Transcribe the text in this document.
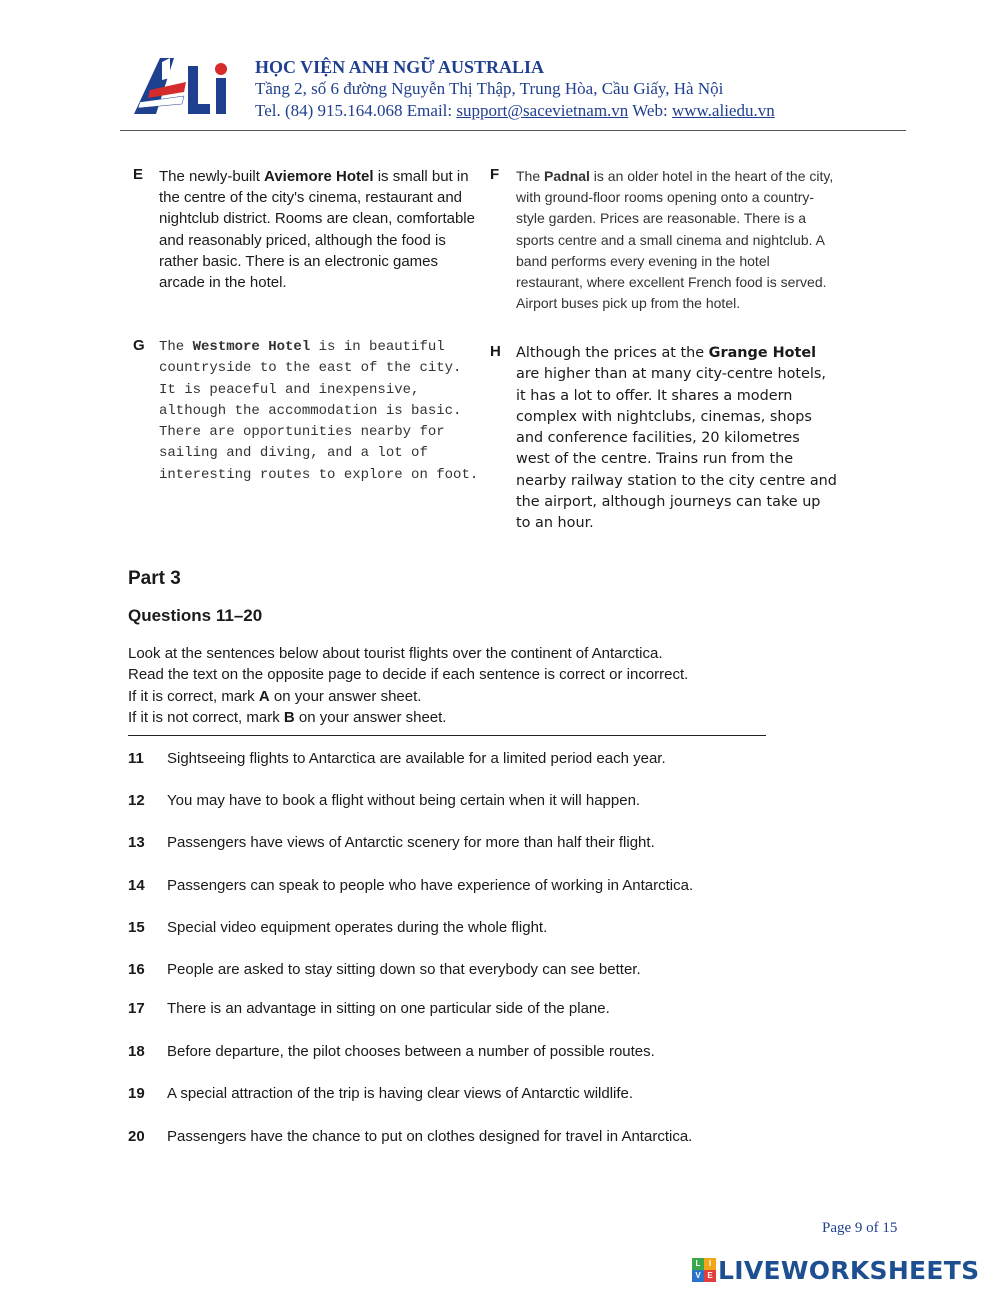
★	HỌC VIỆN ANH NGỮ AUSTRALIA
Tầng 2, số 6 đường Nguyễn Thị Thập, Trung Hòa, Cầu Giấy, Hà Nội
Tel. (84) 915.164.068 Email: support@sacevietnam.vn Web: www.aliedu.vn
E The newly-built Aviemore Hotel is small but in the centre of the city's cinema, restaurant and nightclub district. Rooms are clean, comfortable and reasonably priced, although the food is rather basic. There is an electronic games arcade in the hotel.
F The Padnal is an older hotel in the heart of the city, with ground-floor rooms opening onto a country-style garden. Prices are reasonable. There is a sports centre and a small cinema and nightclub. A band performs every evening in the hotel restaurant, where excellent French food is served. Airport buses pick up from the hotel.
G The Westmore Hotel is in beautiful countryside to the east of the city. It is peaceful and inexpensive, although the accommodation is basic. There are opportunities nearby for sailing and diving, and a lot of interesting routes to explore on foot.
H Although the prices at the Grange Hotel are higher than at many city-centre hotels, it has a lot to offer. It shares a modern complex with nightclubs, cinemas, shops and conference facilities, 20 kilometres west of the centre. Trains run from the nearby railway station to the city centre and the airport, although journeys can take up to an hour.
Part 3
Questions 11–20
Look at the sentences below about tourist flights over the continent of Antarctica.
Read the text on the opposite page to decide if each sentence is correct or incorrect.
If it is correct, mark A on your answer sheet.
If it is not correct, mark B on your answer sheet.
11 Sightseeing flights to Antarctica are available for a limited period each year.
12 You may have to book a flight without being certain when it will happen.
13 Passengers have views of Antarctic scenery for more than half their flight.
14 Passengers can speak to people who have experience of working in Antarctica.
15 Special video equipment operates during the whole flight.
16 People are asked to stay sitting down so that everybody can see better.
17 There is an advantage in sitting on one particular side of the plane.
18 Before departure, the pilot chooses between a number of possible routes.
19 A special attraction of the trip is having clear views of Antarctic wildlife.
20 Passengers have the chance to put on clothes designed for travel in Antarctica.
Page 9 of 15
L	I
V E LIVEWORKSHEETS
